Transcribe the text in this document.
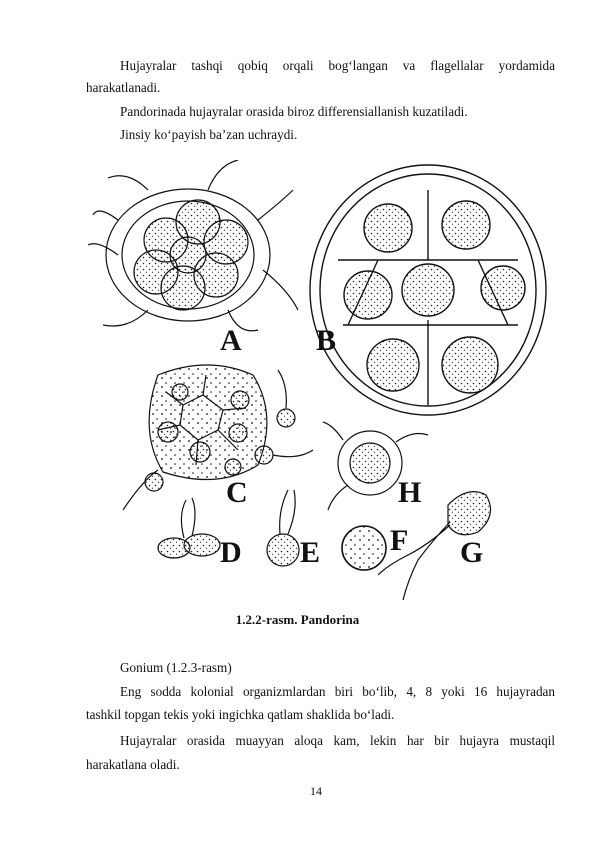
Hujayralar tashqi qobiq orqali bog‘langan va flagellalar yordamida
harakatlanadi.
Pandorinada hujayralar orasida biroz differensiallanish kuzatiladi.
Jinsiy ko‘payish ba’zan uchraydi.
A B
C	H
D E F G
1.2.2-rasm. Pandorina
Gonium (1.2.3-rasm)
Eng sodda kolonial organizmlardan biri bo‘lib, 4, 8 yoki 16 hujayradan
tashkil topgan tekis yoki ingichka qatlam shaklida bo‘ladi.
Hujayralar orasida muayyan aloqa kam, lekin har bir hujayra mustaqil
harakatlana oladi.
14
